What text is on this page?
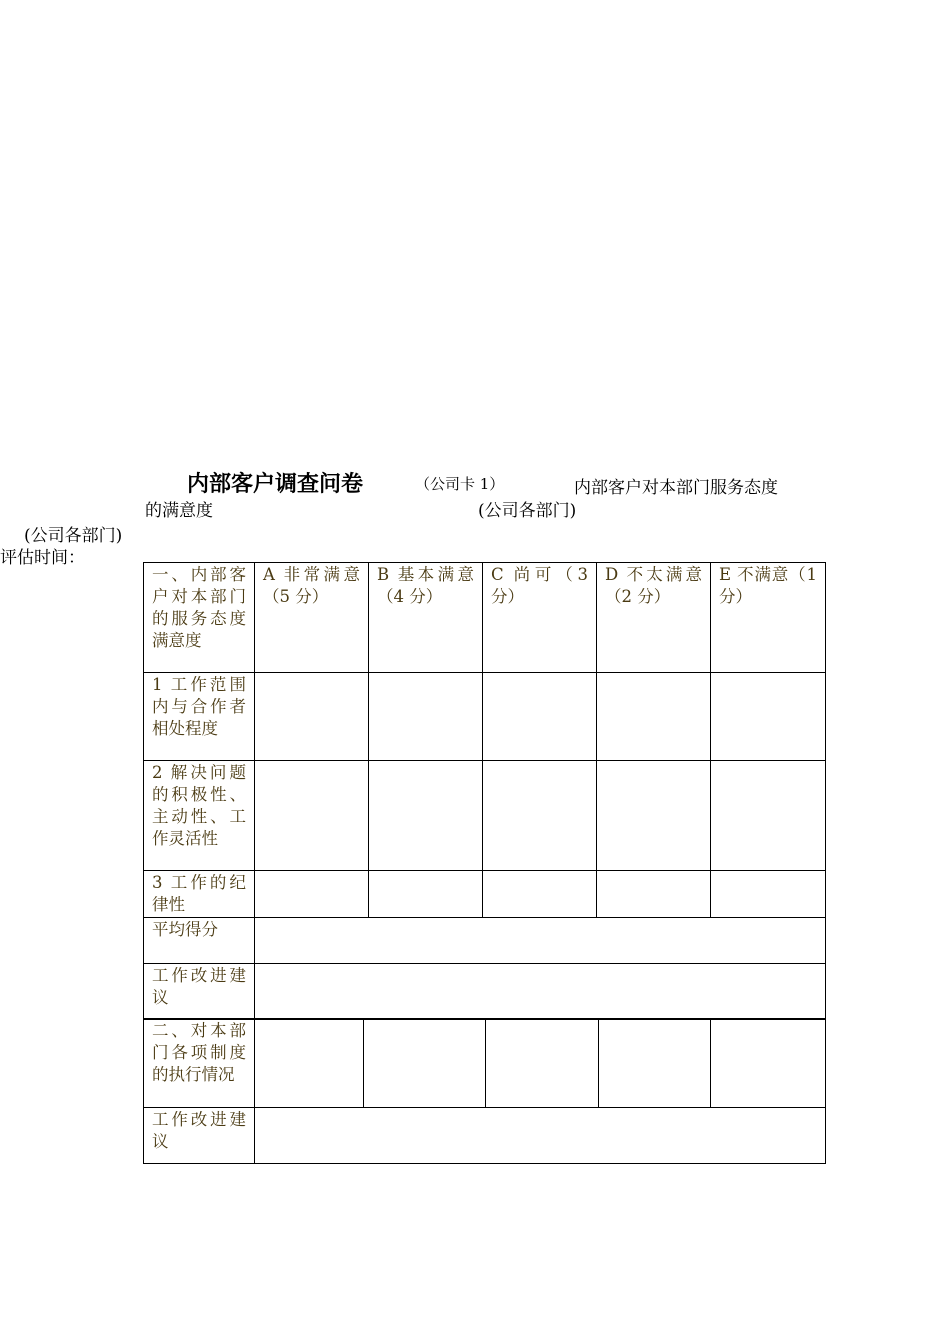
内部客户调查问卷	（公司卡 1）	内部客户对本部门服务态度
的满意度	(公司各部门)
(公司各部门)
评估时间：
一、内部客户对本部门的服务态度满意度	A 非常满意（5 分）	B 基本满意（4 分）	C 尚可（3 分）	D 不太满意（2 分）	E 不满意（1 分）
1 工作范围内与合作者相处程度					
2 解决问题的积极性、主动性、工作灵活性					
3 工作的纪律性					
平均得分					
工作改进建议					
二、对本部门各项制度的执行情况					
工作改进建议					
